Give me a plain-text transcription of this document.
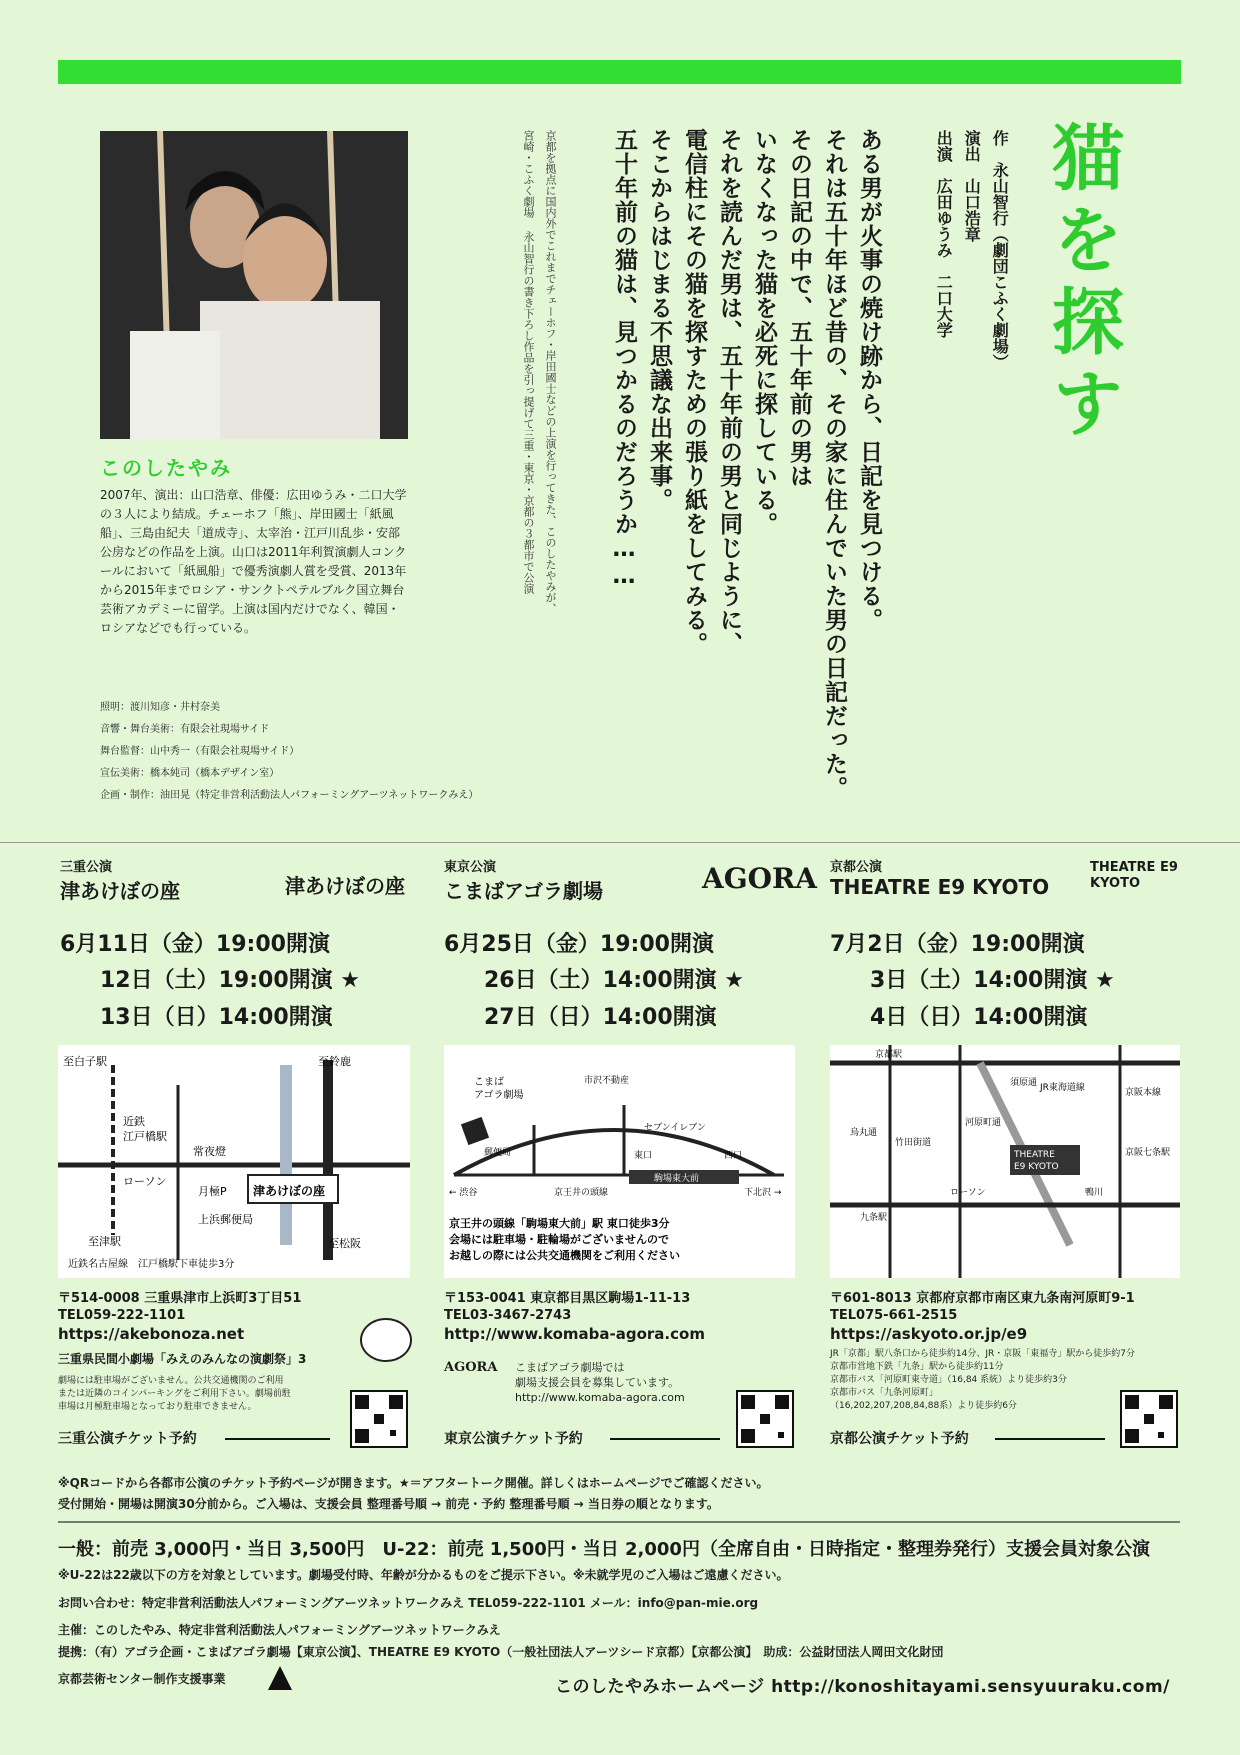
猫を探す
作　永山智行（劇団こふく劇場）
演出　山口浩章
出演　広田ゆうみ　二口大学
ある男が火事の焼け跡から、日記を見つける。
それは五十年ほど昔の、その家に住んでいた男の日記だった。
その日記の中で、五十年前の男は
いなくなった猫を必死に探している。
それを読んだ男は、五十年前の男と同じように、
電信柱にその猫を探すための張り紙をしてみる。
そこからはじまる不思議な出来事。
五十年前の猫は、見つかるのだろうか……
京都を拠点に国内外でこれまでチェーホフ・岸田國士などの上演を行ってきた、このしたやみが、
宮崎・こふく劇場 永山智行の書き下ろし作品を引っ提げて三重・東京・京都の３都市で公演
このしたやみ
2007年、演出：山口浩章、俳優：広田ゆうみ・二口大学の３人により結成。チェーホフ「熊」、岸田國士「紙風船」、三島由紀夫「道成寺」、太宰治・江戸川乱歩・安部公房などの作品を上演。山口は2011年利賀演劇人コンクールにおいて「紙風船」で優秀演劇人賞を受賞、2013年から2015年までロシア・サンクトペテルブルク国立舞台芸術アカデミーに留学。上演は国内だけでなく、韓国・ロシアなどでも行っている。
照明：渡川知彦・井村奈美
音響・舞台美術：有限会社現場サイド
舞台監督：山中秀一（有限会社現場サイド）
宣伝美術：橋本純司（橋本デザイン室）
企画・制作：油田晃（特定非営利活動法人パフォーミングアーツネットワークみえ）
三重公演
津あけぼの座	津あけぼの座
6月11日（金）19:00開演
12日（土）19:00開演 ★
13日（日）14:00開演
至白子駅	至鈴鹿
近鉄
江戸橋駅
常夜燈
ローソン
月極P 津あけぼの座
上浜郵便局
至津駅	至松阪
近鉄名古屋線　江戸橋駅下車徒歩3分
〒514-0008 三重県津市上浜町3丁目51
TEL059-222-1101
https://akebonoza.net
三重県民間小劇場「みえのみんなの演劇祭」3
劇場には駐車場がございません。公共交通機関のご利用
または近隣のコインパーキングをご利用下さい。劇場前駐
車場は月極駐車場となっており駐車できません。
三重公演チケット予約
東京公演
こまばアゴラ劇場	AGORA
6月25日（金）19:00開演
26日（土）14:00開演 ★
27日（日）14:00開演
こまば
アゴラ劇場
市沢不動産
セブンイレブン
郵便局	東口	西口
駒場東大前
← 渋谷	京王井の頭線	下北沢 →
京王井の頭線「駒場東大前」駅 東口徒歩3分
会場には駐車場・駐輪場がございませんので
お越しの際には公共交通機関をご利用ください
〒153-0041 東京都目黒区駒場1-11-13
TEL03-3467-2743
http://www.komaba-agora.com
AGORA こまばアゴラ劇場では
劇場支援会員を募集しています。
http://www.komaba-agora.com
東京公演チケット予約
京都公演
THEATRE E9 KYOTO
THEATRE E9 KYOTO
7月2日（金）19:00開演
3日（土）14:00開演 ★
4日（日）14:00開演
京都駅
JR東海道線
須原通
京阪本線
烏丸通
竹田街道
河原町通
THEATRE
E9 KYOTO
京阪七条駅
鴨川
九条駅
ローソン
〒601-8013 京都府京都市南区東九条南河原町9-1
TEL075-661-2515
https://askyoto.or.jp/e9
JR「京都」駅八条口から徒歩約14分、JR・京阪「東福寺」駅から徒歩約7分
京都市営地下鉄「九条」駅から徒歩約11分
京都市バス「河原町東寺道」（16,84 系統）より徒歩約3分
京都市バス「九条河原町」
（16,202,207,208,84,88系）より徒歩約6分
京都公演チケット予約
※QRコードから各都市公演のチケット予約ページが開きます。★＝アフタートーク開催。詳しくはホームページでご確認ください。
受付開始・開場は開演30分前から。ご入場は、支援会員 整理番号順 → 前売・予約 整理番号順 → 当日券の順となります。
一般：前売 3,000円・当日 3,500円　U-22：前売 1,500円・当日 2,000円（全席自由・日時指定・整理券発行）支援会員対象公演
※U-22は22歳以下の方を対象としています。劇場受付時、年齢が分かるものをご提示下さい。※未就学児のご入場はご遠慮ください。
お問い合わせ：特定非営利活動法人パフォーミングアーツネットワークみえ TEL059-222-1101 メール：info@pan-mie.org
主催：このしたやみ、特定非営利活動法人パフォーミングアーツネットワークみえ
提携：（有）アゴラ企画・こまばアゴラ劇場【東京公演】、THEATRE E9 KYOTO（一般社団法人アーツシード京都）【京都公演】　助成：公益財団法人岡田文化財団
京都芸術センター制作支援事業	このしたやみホームページ http://konoshitayami.sensyuuraku.com/
